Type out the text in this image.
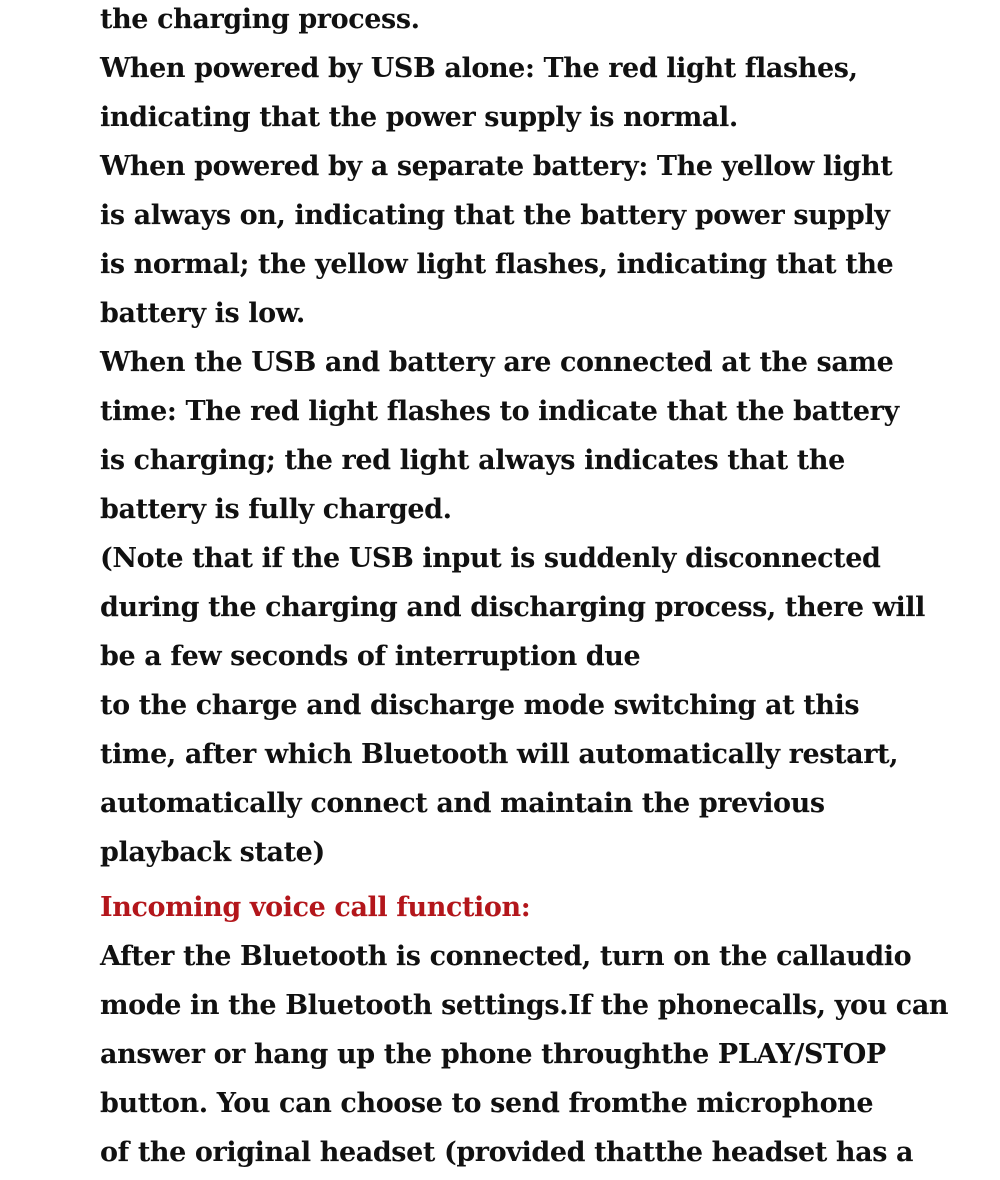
the charging process.
When powered by USB alone: The red light flashes,
indicating that the power supply is normal.
When powered by a separate battery: The yellow light
is always on, indicating that the battery power supply
is normal; the yellow light flashes, indicating that the
battery is low.
When the USB and battery are connected at the same
time: The red light flashes to indicate that the battery
is charging; the red light always indicates that the
battery is fully charged.
(Note that if the USB input is suddenly disconnected
during the charging and discharging process, there will
be a few seconds of interruption due
to the charge and discharge mode switching at this
time, after which Bluetooth will automatically restart,
automatically connect and maintain the previous
playback state)
Incoming voice call function:
After the Bluetooth is connected, turn on the callaudio
mode in the Bluetooth settings.If the phonecalls, you can
answer or hang up the phone throughthe PLAY/STOP
button. You can choose to send fromthe microphone
of the original headset (provided thatthe headset has a
